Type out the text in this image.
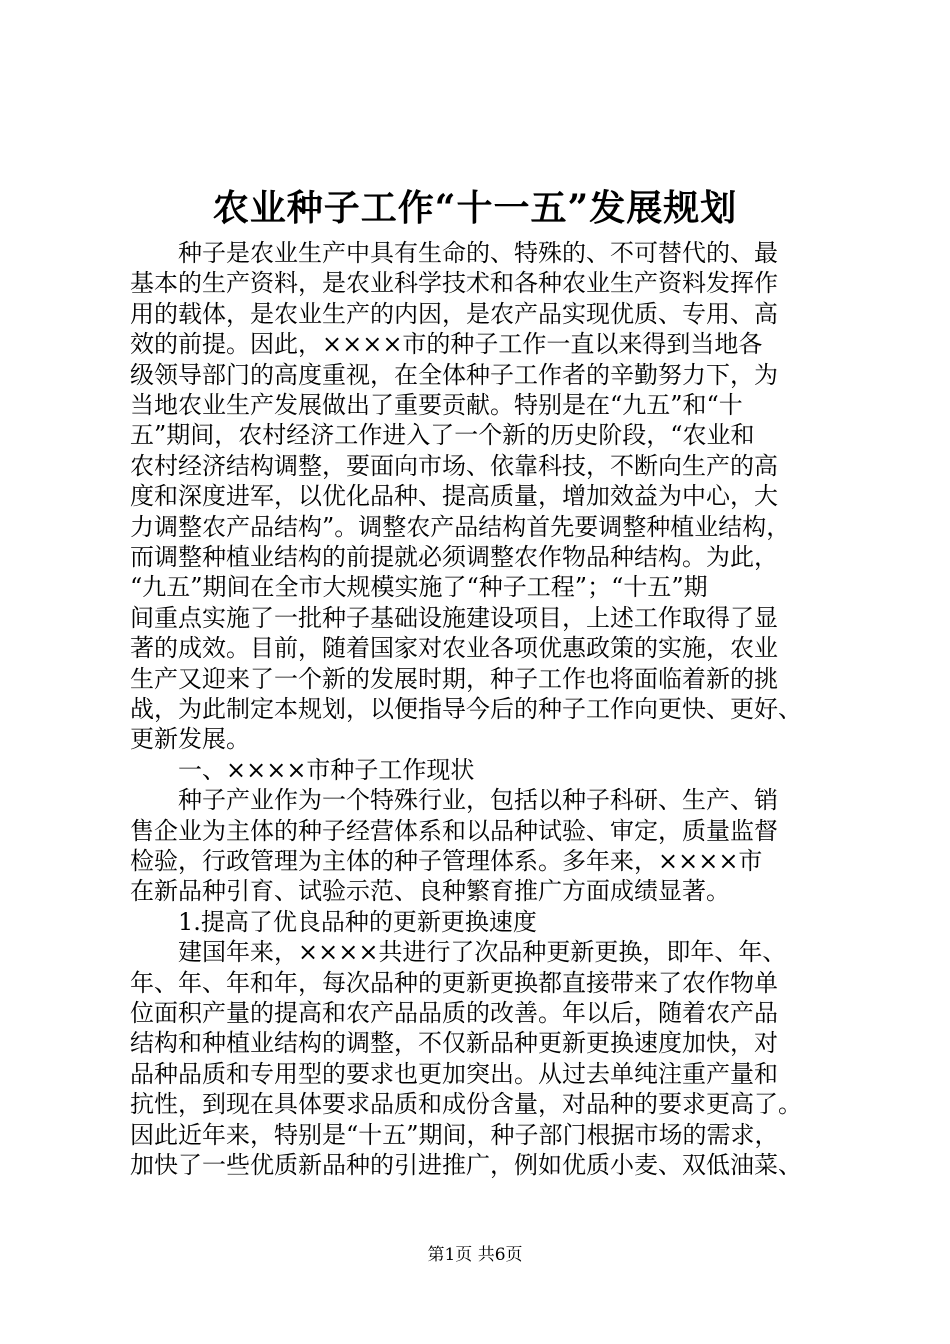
农业种子工作“十一五”发展规划

　　种子是农业生产中具有生命的、特殊的、不可替代的、最

基本的生产资料，是农业科学技术和各种农业生产资料发挥作

用的载体，是农业生产的内因，是农产品实现优质、专用、高

效的前提。因此，××××市的种子工作一直以来得到当地各

级领导部门的高度重视，在全体种子工作者的辛勤努力下，为

当地农业生产发展做出了重要贡献。特别是在“九五”和“十

五”期间，农村经济工作进入了一个新的历史阶段，“农业和

农村经济结构调整，要面向市场、依靠科技，不断向生产的高

度和深度进军，以优化品种、提高质量，增加效益为中心，大

力调整农产品结构”。调整农产品结构首先要调整种植业结构，

而调整种植业结构的前提就必须调整农作物品种结构。为此，

“九五”期间在全市大规模实施了“种子工程”；“十五”期

间重点实施了一批种子基础设施建设项目，上述工作取得了显

著的成效。目前，随着国家对农业各项优惠政策的实施，农业

生产又迎来了一个新的发展时期，种子工作也将面临着新的挑

战，为此制定本规划，以便指导今后的种子工作向更快、更好、

更新发展。

　　一、××××市种子工作现状

　　种子产业作为一个特殊行业，包括以种子科研、生产、销

售企业为主体的种子经营体系和以品种试验、审定，质量监督

检验，行政管理为主体的种子管理体系。多年来，××××市

在新品种引育、试验示范、良种繁育推广方面成绩显著。

　　1.提高了优良品种的更新更换速度

　　建国年来，××××共进行了次品种更新更换，即年、年、

年、年、年和年，每次品种的更新更换都直接带来了农作物单

位面积产量的提高和农产品品质的改善。年以后，随着农产品

结构和种植业结构的调整，不仅新品种更新更换速度加快，对

品种品质和专用型的要求也更加突出。从过去单纯注重产量和

抗性，到现在具体要求品质和成份含量，对品种的要求更高了。

因此近年来，特别是“十五”期间，种子部门根据市场的需求，

加快了一些优质新品种的引进推广，例如优质小麦、双低油菜、

第1页 共6页
